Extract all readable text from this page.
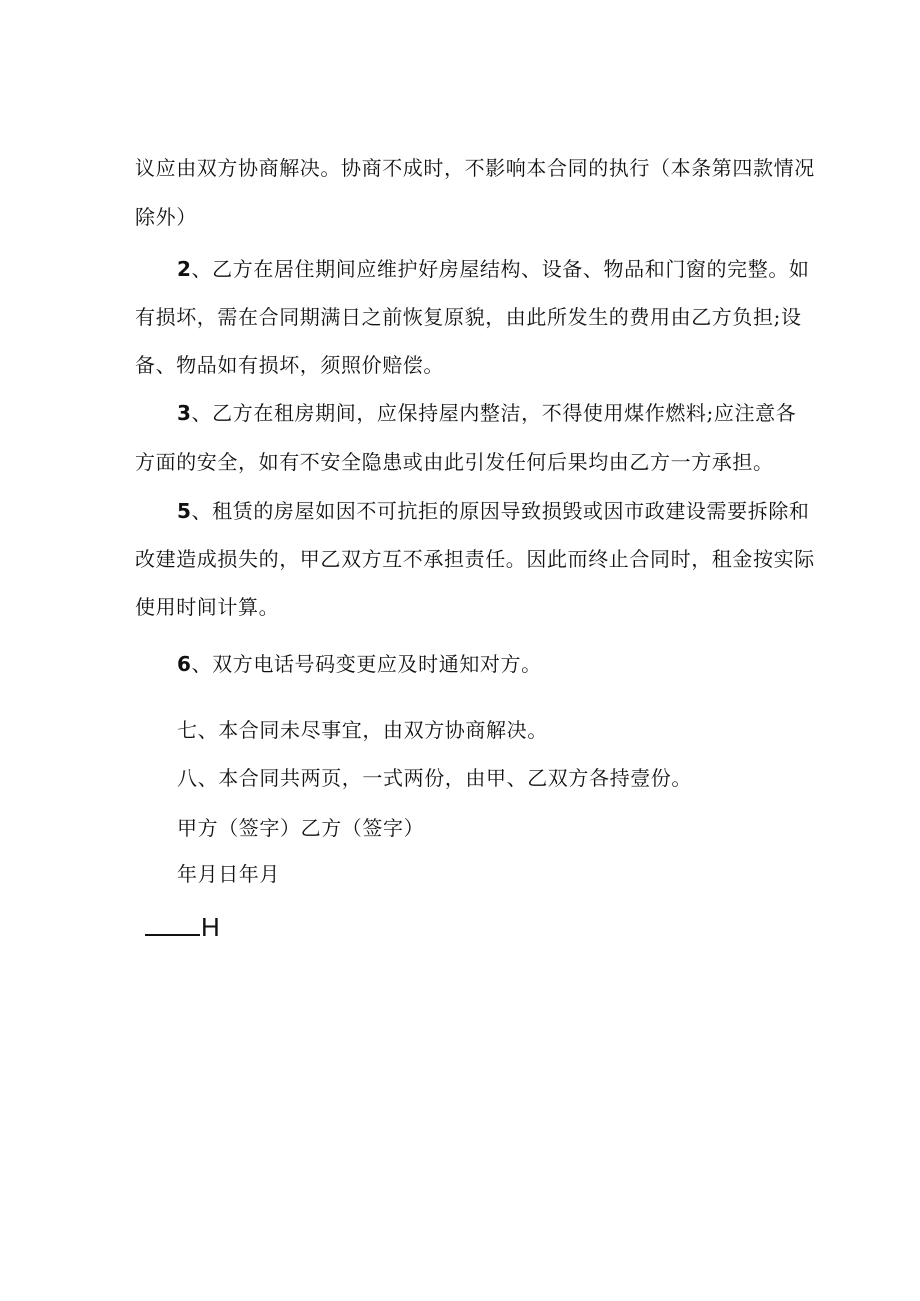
议应由双方协商解决。协商不成时，不影响本合同的执行（本条第四款情况
除外）
2、乙方在居住期间应维护好房屋结构、设备、物品和门窗的完整。如
有损坏，需在合同期满日之前恢复原貌，由此所发生的费用由乙方负担;设
备、物品如有损坏，须照价赔偿。
3、乙方在租房期间，应保持屋内整洁，不得使用煤作燃料;应注意各
方面的安全，如有不安全隐患或由此引发任何后果均由乙方一方承担。
5、租赁的房屋如因不可抗拒的原因导致损毁或因市政建设需要拆除和
改建造成损失的，甲乙双方互不承担责任。因此而终止合同时，租金按实际
使用时间计算。
6、双方电话号码变更应及时通知对方。
七、本合同未尽事宜，由双方协商解决。
八、本合同共两页，一式两份，由甲、乙双方各持壹份。
甲方（签字）乙方（签字）
年月日年月
H
